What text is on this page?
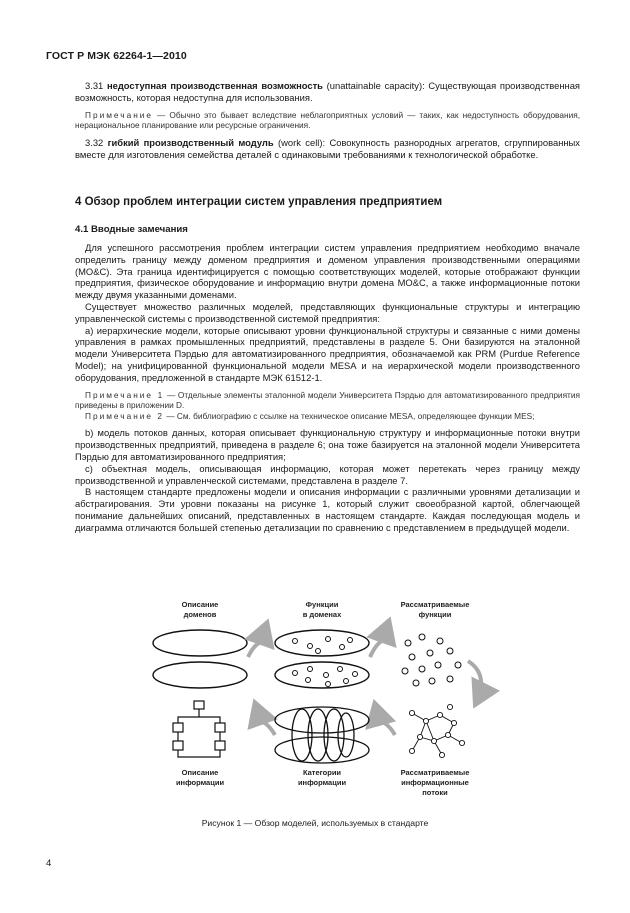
ГОСТ Р МЭК 62264-1—2010

3.31 недоступная производственная возможность (unattainable capacity): Существующая производственная возможность, которая недоступна для использования.

Примечание — Обычно это бывает вследствие неблагоприятных условий — таких, как недоступность оборудования, нерациональное планирование или ресурсные ограничения.

3.32 гибкий производственный модуль (work cell): Совокупность разнородных агрегатов, сгруппированных вместе для изготовления семейства деталей с одинаковыми требованиями к технологической обработке.

4 Обзор проблем интеграции систем управления предприятием
4.1 Вводные замечания

Для успешного рассмотрения проблем интеграции систем управления предприятием необходимо вначале определить границу между доменом предприятия и доменом управления производственными операциями (МО&С). Эта граница идентифицируется с помощью соответствующих моделей, которые отображают функции предприятия, физическое оборудование и информацию внутри домена МО&С, а также информационные потоки между двумя указанными доменами.

Существует множество различных моделей, представляющих функциональные структуры и интеграцию управленческой системы с производственной системой предприятия:

а) иерархические модели, которые описывают уровни функциональной структуры и связанные с ними домены управления в рамках промышленных предприятий, представлены в разделе 5. Они базируются на эталонной модели Университета Пэрдью для автоматизированного предприятия, обозначаемой как PRM (Purdue Reference Model); на унифицированной функциональной модели MESA и на иерархической модели производственного оборудования, предложенной в стандарте МЭК 61512-1.

Примечание 1 — Отдельные элементы эталонной модели Университета Пэрдью для автоматизированного предприятия приведены в приложении D.

Примечание 2 — См. библиографию с ссылке на техническое описание MESA, определяющее функции MES;

b) модель потоков данных, которая описывает функциональную структуру и информационные потоки внутри производственных предприятий, приведена в разделе 6; она тоже базируется на эталонной модели Университета Пэрдью для автоматизированного предприятия;

с) объектная модель, описывающая информацию, которая может перетекать через границу между производственной и управленческой системами, представлена в разделе 7.

В настоящем стандарте предложены модели и описания информации с различными уровнями детализации и абстрагирования. Эти уровни показаны на рисунке 1, который служит своеобразной картой, облегчающей понимание дальнейших описаний, представленных в настоящем стандарте. Каждая последующая модель и диаграмма отличаются большей степенью детализации по сравнению с представлением в предыдущей модели.

Описание
доменов
Функции
в доменах
Рассматриваемые
функции
Описание
информации
Категории
информации
Рассматриваемые
информационные
потоки
Рисунок 1 — Обзор моделей, используемых в стандарте
4
